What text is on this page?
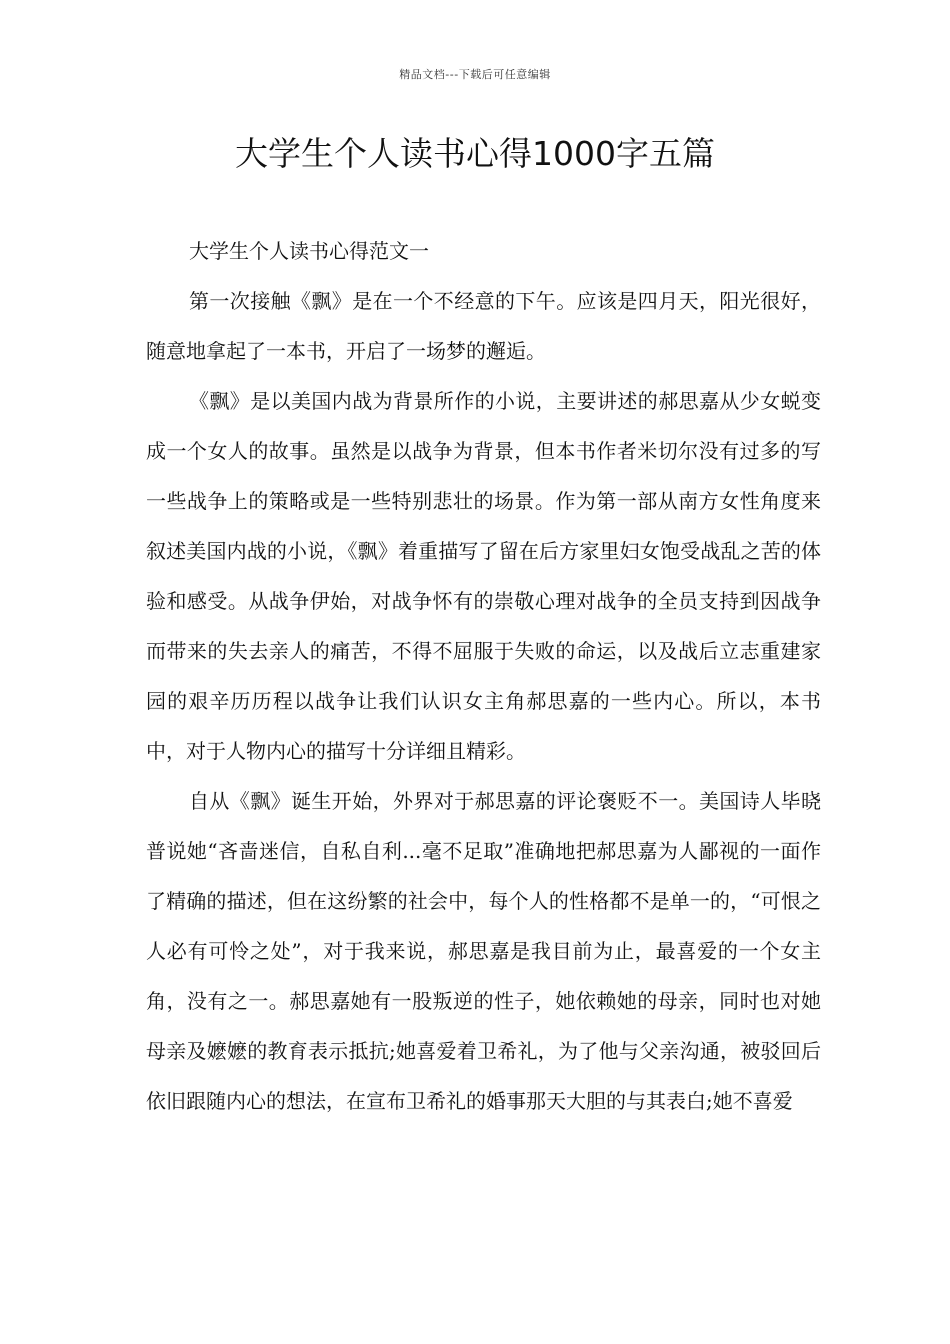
精品文档---下载后可任意编辑
大学生个人读书心得1000字五篇

大学生个人读书心得范文一

第一次接触《飘》是在一个不经意的下午。应该是四月天，阳光很好，随意地拿起了一本书，开启了一场梦的邂逅。

《飘》是以美国内战为背景所作的小说，主要讲述的郝思嘉从少女蜕变成一个女人的故事。虽然是以战争为背景，但本书作者米切尔没有过多的写一些战争上的策略或是一些特别悲壮的场景。作为第一部从南方女性角度来叙述美国内战的小说，《飘》着重描写了留在后方家里妇女饱受战乱之苦的体验和感受。从战争伊始，对战争怀有的崇敬心理对战争的全员支持到因战争而带来的失去亲人的痛苦，不得不屈服于失败的命运，以及战后立志重建家园的艰辛历历程以战争让我们认识女主角郝思嘉的一些内心。所以，本书中，对于人物内心的描写十分详细且精彩。

自从《飘》诞生开始，外界对于郝思嘉的评论褒贬不一。美国诗人毕晓普说她“吝啬迷信，自私自利...毫不足取”准确地把郝思嘉为人鄙视的一面作了精确的描述，但在这纷繁的社会中，每个人的性格都不是单一的，“可恨之人必有可怜之处”，对于我来说，郝思嘉是我目前为止，最喜爱的一个女主角，没有之一。郝思嘉她有一股叛逆的性子，她依赖她的母亲，同时也对她母亲及嬷嬷的教育表示抵抗;她喜爱着卫希礼，为了他与父亲沟通，被驳回后依旧跟随内心的想法，在宣布卫希礼的婚事那天大胆的与其表白;她不喜爱
